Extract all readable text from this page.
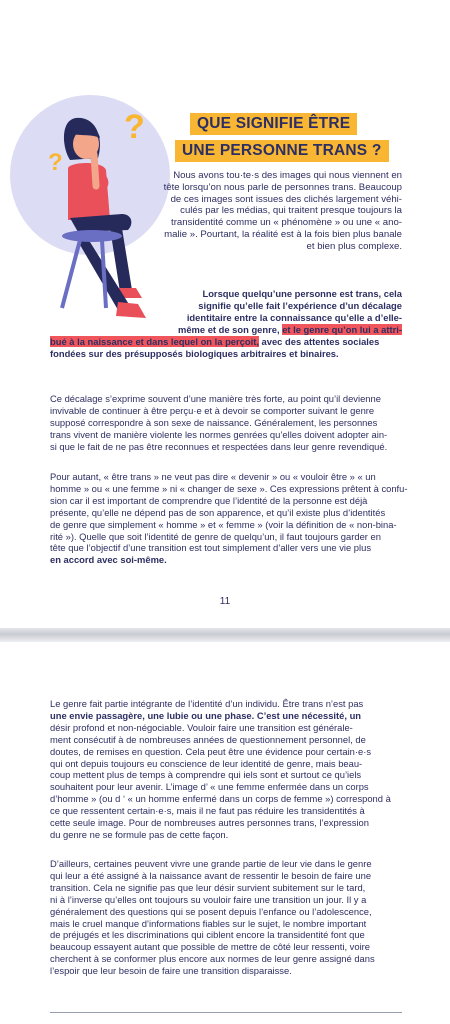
?
?
QUE SIGNIFIE ÊTRE
UNE PERSONNE TRANS ?
Nous avons tou·te·s des images qui nous viennent en
tête lorsqu’on nous parle de personnes trans. Beaucoup
de ces images sont issues des clichés largement véhi-
culés par les médias, qui traitent presque toujours la
transidentité comme un « phénomène » ou une « ano-
malie ». Pourtant, la réalité est à la fois bien plus banale
et bien plus complexe.
Lorsque quelqu’une personne est trans, cela
signifie qu’elle fait l’expérience d’un décalage
identitaire entre la connaissance qu’elle a d’elle-
même et de son genre, et le genre qu’on lui a attri-
bué à la naissance et dans lequel on la perçoit, avec des attentes sociales
fondées sur des présupposés biologiques arbitraires et binaires.
Ce décalage s’exprime souvent d’une manière très forte, au point qu’il devienne
invivable de continuer à être perçu·e et à devoir se comporter suivant le genre
supposé correspondre à son sexe de naissance. Généralement, les personnes
trans vivent de manière violente les normes genrées qu’elles doivent adopter ain-
si que le fait de ne pas être reconnues et respectées dans leur genre revendiqué.
Pour autant, « être trans » ne veut pas dire « devenir » ou « vouloir être » « un
homme » ou « une femme » ni « changer de sexe ». Ces expressions prêtent à confu-
sion car il est important de comprendre que l’identité de la personne est déjà
présente, qu’elle ne dépend pas de son apparence, et qu’il existe plus d’identités
de genre que simplement « homme » et « femme » (voir la définition de « non-bina-
rité »). Quelle que soit l’identité de genre de quelqu’un, il faut toujours garder en
tête que l’objectif d’une transition est tout simplement d’aller vers une vie plus
en accord avec soi-même.
11
Le genre fait partie intégrante de l’identité d’un individu. Être trans n’est pas
une envie passagère, une lubie ou une phase. C’est une nécessité, un
désir profond et non-négociable. Vouloir faire une transition est générale-
ment consécutif à de nombreuses années de questionnement personnel, de
doutes, de remises en question. Cela peut être une évidence pour certain·e·s
qui ont depuis toujours eu conscience de leur identité de genre, mais beau-
coup mettent plus de temps à comprendre qui iels sont et surtout ce qu’iels
souhaitent pour leur avenir. L’image d’ « une femme enfermée dans un corps
d’homme » (ou d ‘ « un homme enfermé dans un corps de femme ») correspond à
ce que ressentent certain·e·s, mais il ne faut pas réduire les transidentités à
cette seule image. Pour de nombreuses autres personnes trans, l’expression
du genre ne se formule pas de cette façon.
D’ailleurs, certaines peuvent vivre une grande partie de leur vie dans le genre
qui leur a été assigné à la naissance avant de ressentir le besoin de faire une
transition. Cela ne signifie pas que leur désir survient subitement sur le tard,
ni à l’inverse qu’elles ont toujours su vouloir faire une transition un jour. Il y a
généralement des questions qui se posent depuis l’enfance ou l’adolescence,
mais le cruel manque d’informations fiables sur le sujet, le nombre important
de préjugés et les discriminations qui ciblent encore la transidentité font que
beaucoup essayent autant que possible de mettre de côté leur ressenti, voire
cherchent à se conformer plus encore aux normes de leur genre assigné dans
l’espoir que leur besoin de faire une transition disparaisse.
